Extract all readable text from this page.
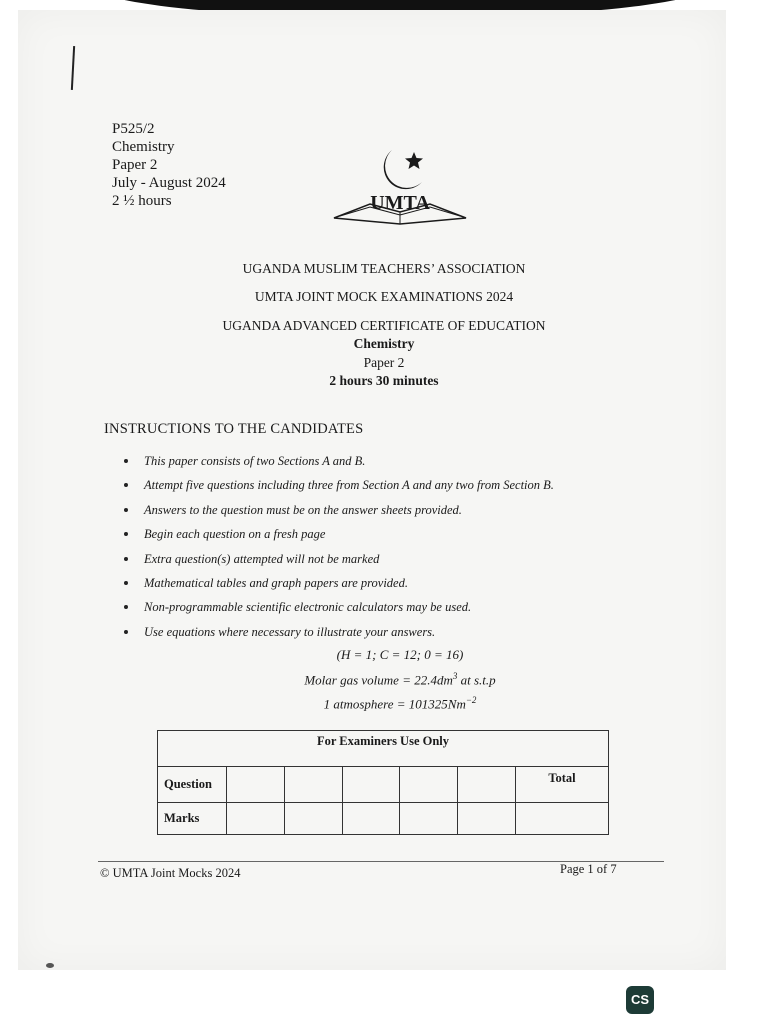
P525/2
Chemistry
Paper 2
July - August 2024
2 ½ hours	UMTA
UGANDA MUSLIM TEACHERS’ ASSOCIATION
UMTA JOINT MOCK EXAMINATIONS 2024
UGANDA ADVANCED CERTIFICATE OF EDUCATION
Chemistry
Paper 2
2 hours 30 minutes
INSTRUCTIONS TO THE CANDIDATES
This paper consists of two Sections A and B.
Attempt five questions including three from Section A and any two from Section B.
Answers to the question must be on the answer sheets provided.
Begin each question on a fresh page
Extra question(s) attempted will not be marked
Mathematical tables and graph papers are provided.
Non-programmable scientific electronic calculators may be used.
Use equations where necessary to illustrate your answers.
(H = 1; C = 12; 0 = 16)
Molar gas volume = $22.4dm^3$ at s.t.p
1 atmosphere = $101325Nm^{-2}$
For Examiners Use Only						
Question						Total
Marks						
© UMTA Joint Mocks 2024	Page 1 of 7
CS
